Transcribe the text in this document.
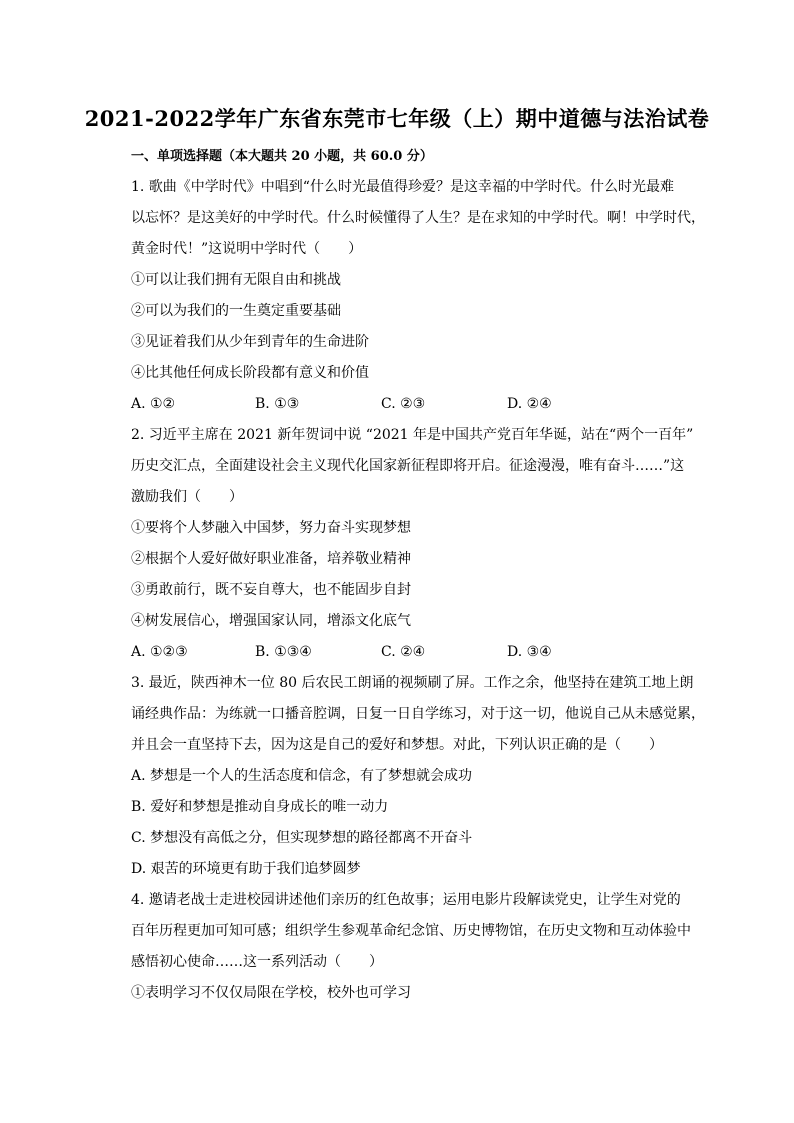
2021-2022学年广东省东莞市七年级（上）期中道德与法治试卷
一、单项选择题（本大题共 20 小题，共 60.0 分）
1. 歌曲《中学时代》中唱到“什么时光最值得珍爱？是这幸福的中学时代。什么时光最难
以忘怀？是这美好的中学时代。什么时候懂得了人生？是在求知的中学时代。啊！中学时代，
黄金时代！”这说明中学时代（　　）
①可以让我们拥有无限自由和挑战
②可以为我们的一生奠定重要基础
③见证着我们从少年到青年的生命进阶
④比其他任何成长阶段都有意义和价值
A. ①②	B. ①③	C. ②③	D. ②④
2. 习近平主席在 2021 新年贺词中说 “2021 年是中国共产党百年华诞，站在“两个一百年”
历史交汇点，全面建设社会主义现代化国家新征程即将开启。征途漫漫，唯有奋斗……”这
激励我们（　　）
①要将个人梦融入中国梦，努力奋斗实现梦想
②根据个人爱好做好职业准备，培养敬业精神
③勇敢前行，既不妄自尊大，也不能固步自封
④树发展信心，增强国家认同，增添文化底气
A. ①②③	B. ①③④	C. ②④	D. ③④
3. 最近，陕西神木一位 80 后农民工朗诵的视频刷了屏。工作之余，他坚持在建筑工地上朗
诵经典作品：为练就一口播音腔调，日复一日自学练习，对于这一切，他说自己从未感觉累，
并且会一直坚持下去，因为这是自己的爱好和梦想。对此，下列认识正确的是（　　）
A. 梦想是一个人的生活态度和信念，有了梦想就会成功
B. 爱好和梦想是推动自身成长的唯一动力
C. 梦想没有高低之分，但实现梦想的路径都离不开奋斗
D. 艰苦的环境更有助于我们追梦圆梦
4. 邀请老战士走进校园讲述他们亲历的红色故事；运用电影片段解读党史，让学生对党的
百年历程更加可知可感；组织学生参观革命纪念馆、历史博物馆，在历史文物和互动体验中
感悟初心使命……这一系列活动（　　）
①表明学习不仅仅局限在学校，校外也可学习
